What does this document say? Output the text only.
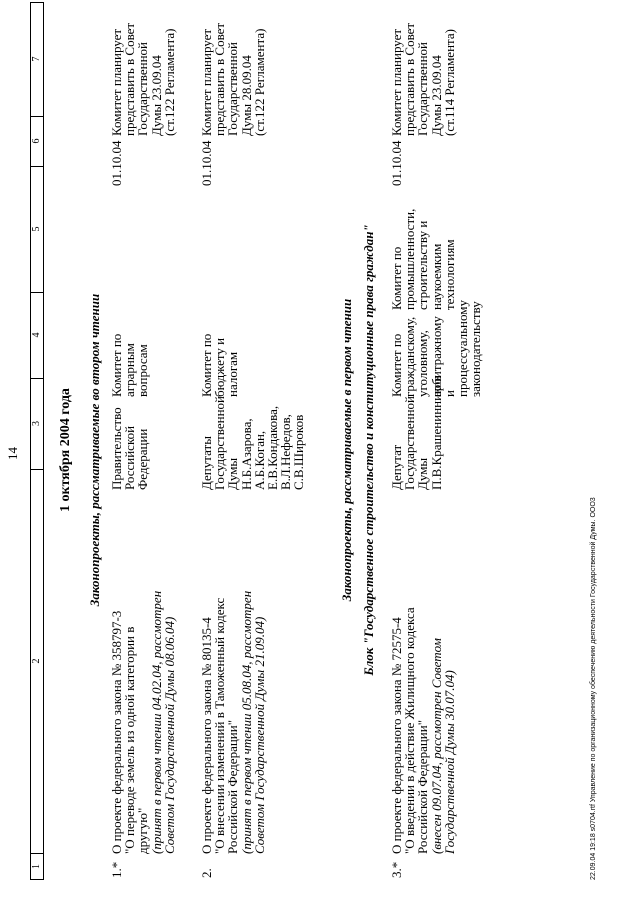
14
1
2
3
4
5
6
7
1 октября 2004 года Законопроекты, рассматриваемые во втором чтении
1.*
О проекте федерального закона № 358797-3
"О переводе земель из одной категории в
другую"
(принят в первом чтении 04.02.04, рассмотрен
Советом Государственной Думы 08.06.04)
Правительство
Российской
Федерации
Комитет по
аграрным
вопросам
01.10.04
Комитет планирует
представить в Совет
Государственной
Думы 23.09.04
(ст.122 Регламента)
2.
О проекте федерального закона № 80135-4
"О внесении изменений в Таможенный кодекс
Российской Федерации"
(принят в первом чтении 05.08.04, рассмотрен
Советом Государственной Думы 21.09.04)
Депутаты
Государственной
Думы
Н.Б.Азарова,
А.Б.Коган,
Е.В.Кондакова,
В.Л.Нефедов,
С.В.Широков
Комитет по
бюджету и налогам
01.10.04
Комитет планирует
представить в Совет
Государственной
Думы 28.09.04
(ст.122 Регламента)
Законопроекты, рассматриваемые в первом чтении Блок "Государственное строительство и конституционные права граждан"
3.*
О проекте федерального закона № 72575-4
"О введении в действие Жилищного кодекса
Российской Федерации"
(внесен 09.07.04, рассмотрен Советом
Государственной Думы 30.07.04)
Депутат
Государственной
Думы
П.В.Крашенинников
Комитет по
гражданскому,
уголовному,
арбитражному и
процессуальному
законодательству
Комитет по
промышленности,
строительству и
наукоемким
технологиям
01.10.04
Комитет планирует
представить в Совет
Государственной
Думы 23.09.04
(ст.114 Регламента)
22.09.04 19:18 s0704.rtf Управление по организационному обеспечению деятельности Государственной Думы. ООО3
